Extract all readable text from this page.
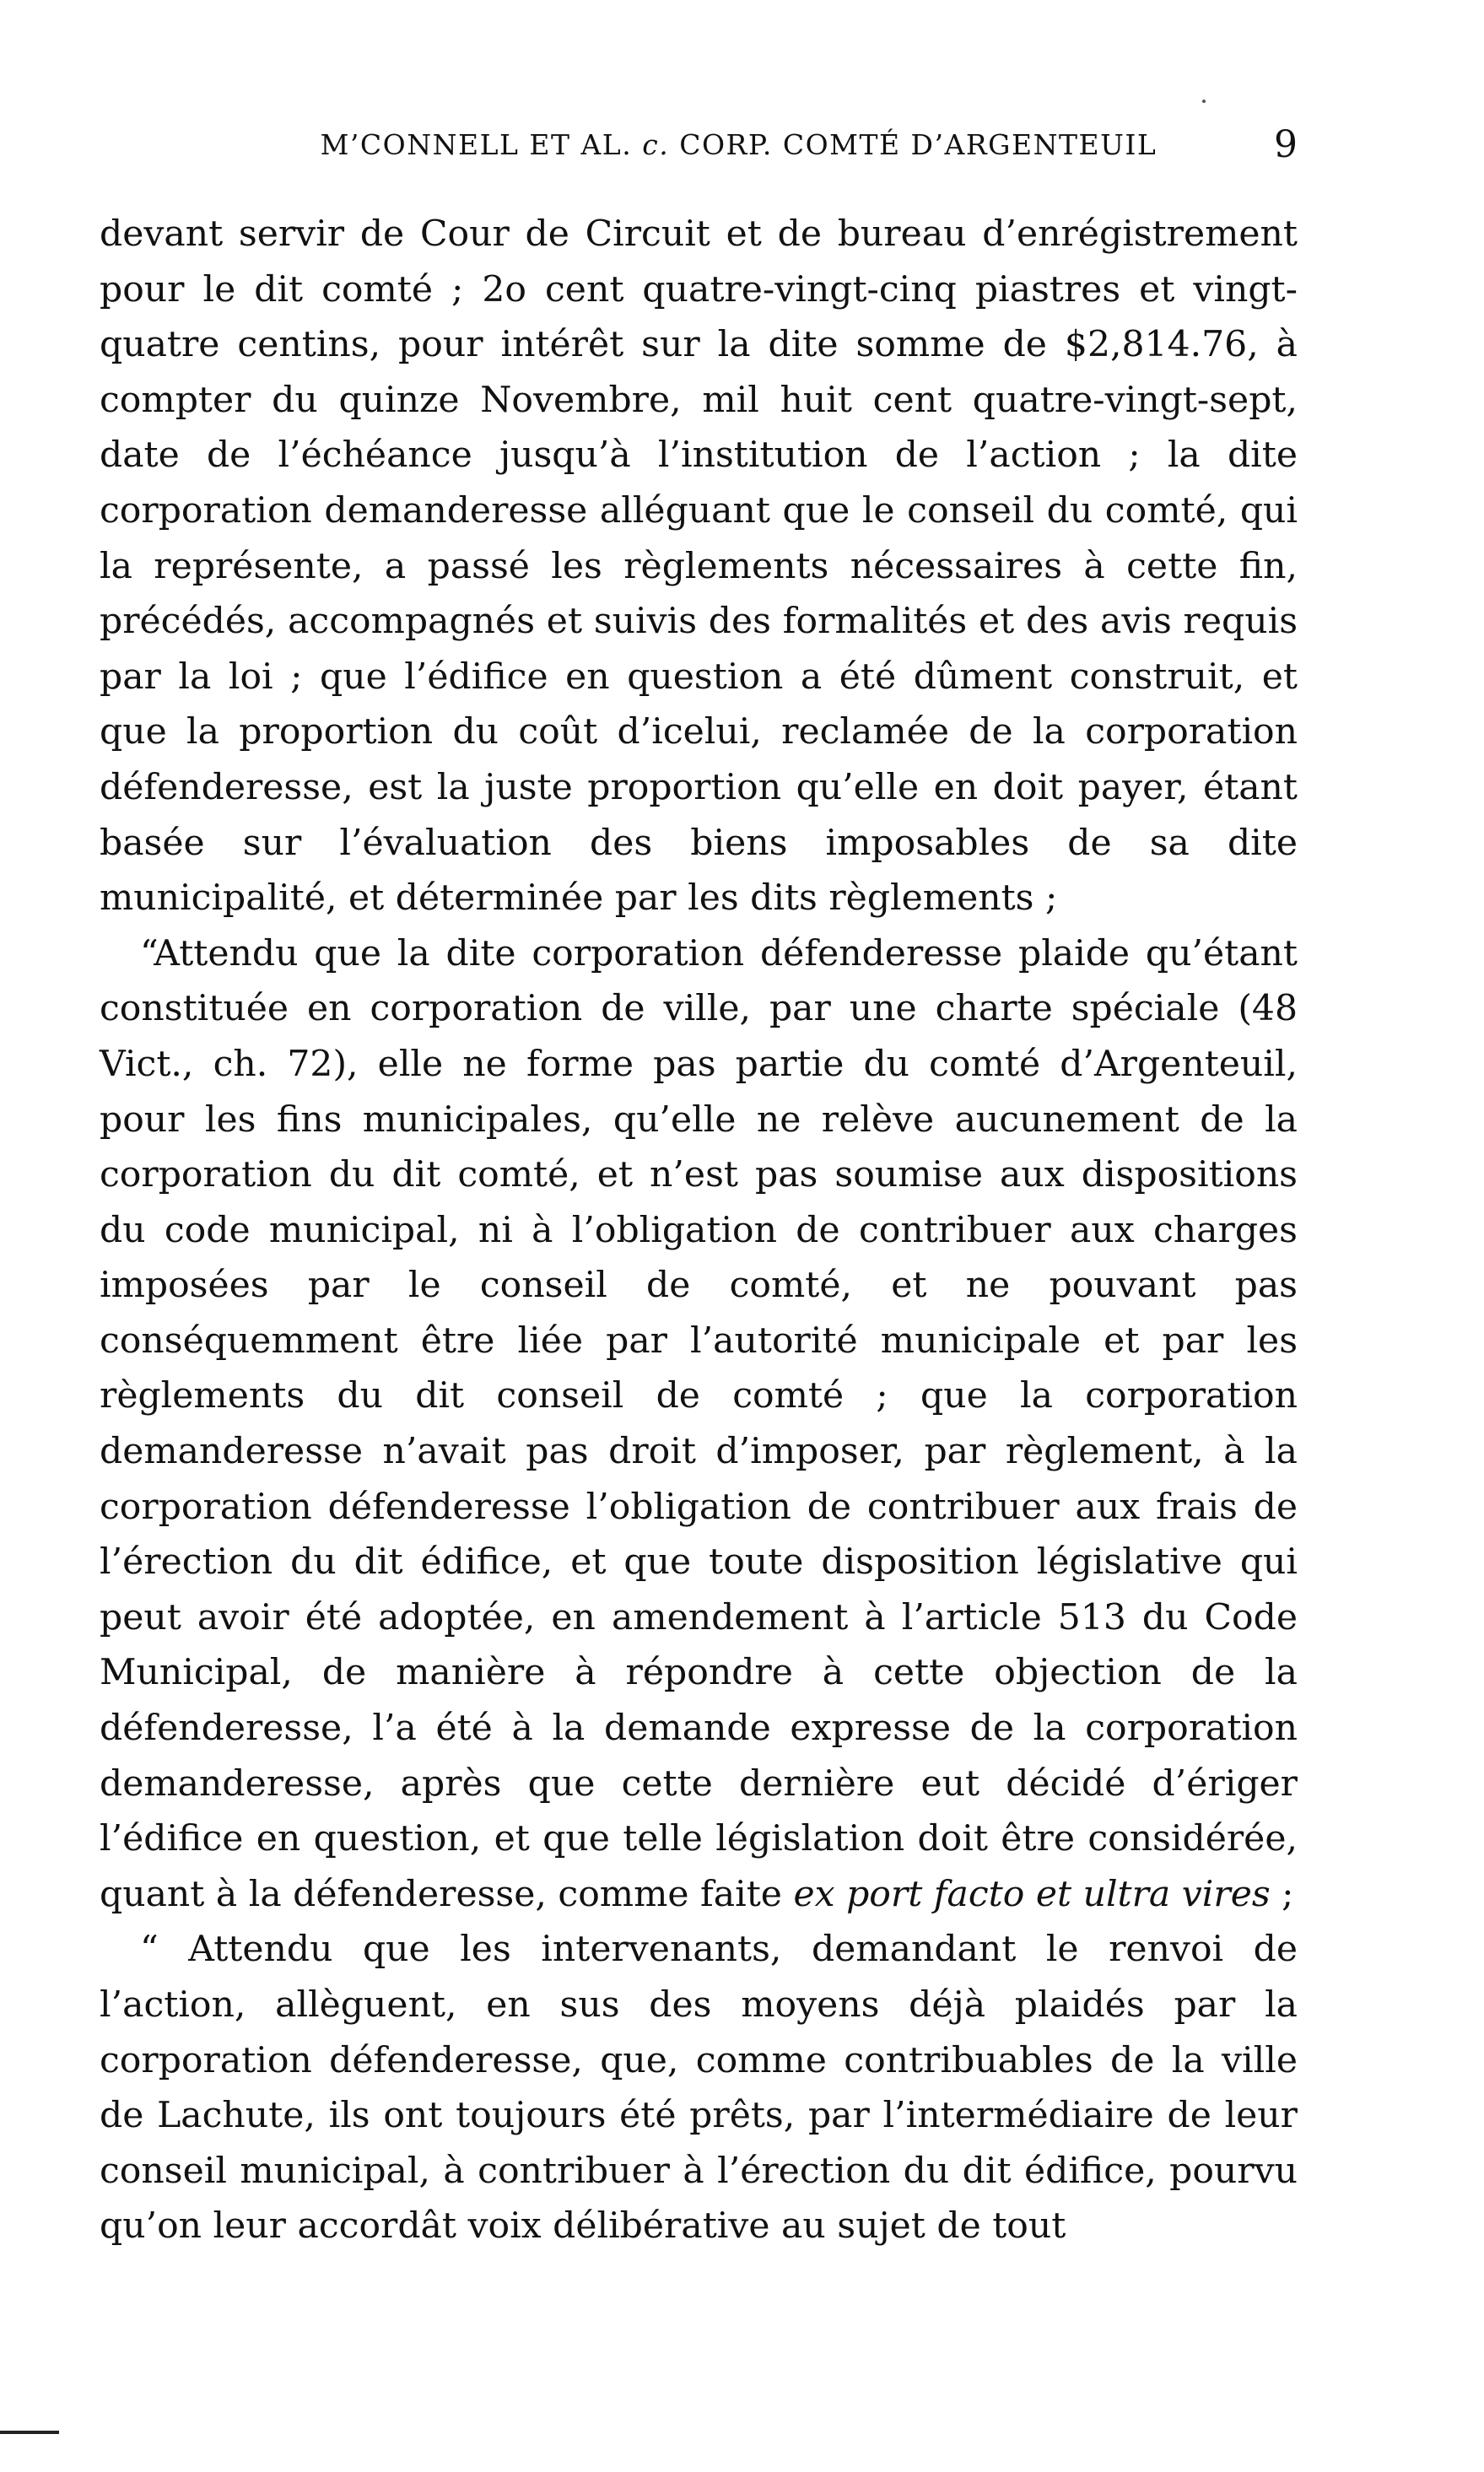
M’CONNELL ET AL. c. CORP. COMTÉ D’ARGENTEUIL	9

devant servir de Cour de Circuit et de bureau d’enrégistrement pour le dit comté ; 2o cent quatre-vingt-cinq piastres et vingt-quatre centins, pour intérêt sur la dite somme de $2,814.76, à compter du quinze Novembre, mil huit cent quatre-vingt-sept, date de l’échéance jusqu’à l’institution de l’action ; la dite corporation demanderesse alléguant que le conseil du comté, qui la représente, a passé les règlements nécessaires à cette fin, précédés, accompagnés et suivis des formalités et des avis requis par la loi ; que l’édifice en question a été dûment construit, et que la proportion du coût d’icelui, reclamée de la corporation défenderesse, est la juste proportion qu’elle en doit payer, étant basée sur l’évaluation des biens imposables de sa dite municipalité, et déterminée par les dits règlements ;

“Attendu que la dite corporation défenderesse plaide qu’étant constituée en corporation de ville, par une charte spéciale (48 Vict., ch. 72), elle ne forme pas partie du comté d’Argenteuil, pour les fins municipales, qu’elle ne relève aucunement de la corporation du dit comté, et n’est pas soumise aux dispositions du code municipal, ni à l’obligation de contribuer aux charges imposées par le conseil de comté, et ne pouvant pas conséquemment être liée par l’autorité municipale et par les règlements du dit conseil de comté ; que la corporation demanderesse n’avait pas droit d’imposer, par règlement, à la corporation défenderesse l’obligation de contribuer aux frais de l’érection du dit édifice, et que toute disposition législative qui peut avoir été adoptée, en amendement à l’article 513 du Code Municipal, de manière à répondre à cette objection de la défenderesse, l’a été à la demande expresse de la corporation demanderesse, après que cette dernière eut décidé d’ériger l’édifice en question, et que telle législation doit être considérée, quant à la défenderesse, comme faite ex port facto et ultra vires ;

“ Attendu que les intervenants, demandant le renvoi de l’action, allèguent, en sus des moyens déjà plaidés par la corporation défenderesse, que, comme contribuables de la ville de Lachute, ils ont toujours été prêts, par l’intermédiaire de leur conseil municipal, à contribuer à l’érection du dit édifice, pourvu qu’on leur accordât voix délibérative au sujet de tout
